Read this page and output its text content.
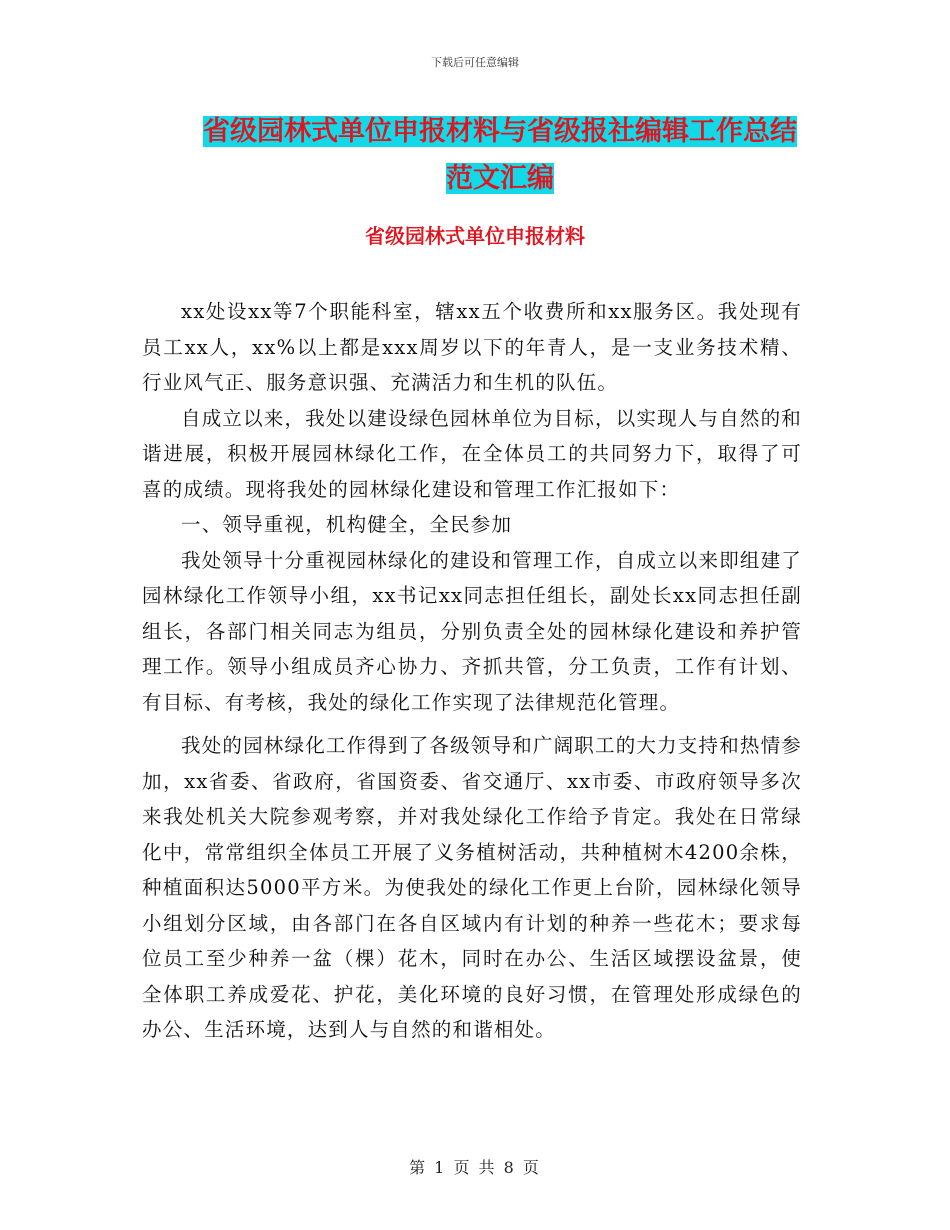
下载后可任意编辑
省级园林式单位申报材料与省级报社编辑工作总结范文汇编
省级园林式单位申报材料

xx处设xx等7个职能科室，辖xx五个收费所和xx服务区。我处现有员工xx人，xx%以上都是xxx周岁以下的年青人，是一支业务技术精、行业风气正、服务意识强、充满活力和生机的队伍。

自成立以来，我处以建设绿色园林单位为目标，以实现人与自然的和谐进展，积极开展园林绿化工作，在全体员工的共同努力下，取得了可喜的成绩。现将我处的园林绿化建设和管理工作汇报如下：

一、领导重视，机构健全，全民参加

我处领导十分重视园林绿化的建设和管理工作，自成立以来即组建了园林绿化工作领导小组，xx书记xx同志担任组长，副处长xx同志担任副组长，各部门相关同志为组员，分别负责全处的园林绿化建设和养护管理工作。领导小组成员齐心协力、齐抓共管，分工负责，工作有计划、有目标、有考核，我处的绿化工作实现了法律规范化管理。

我处的园林绿化工作得到了各级领导和广阔职工的大力支持和热情参加，xx省委、省政府，省国资委、省交通厅、xx市委、市政府领导多次来我处机关大院参观考察，并对我处绿化工作给予肯定。我处在日常绿化中，常常组织全体员工开展了义务植树活动，共种植树木4200余株，种植面积达5000平方米。为使我处的绿化工作更上台阶，园林绿化领导小组划分区域，由各部门在各自区域内有计划的种养一些花木；要求每位员工至少种养一盆（棵）花木，同时在办公、生活区域摆设盆景，使全体职工养成爱花、护花，美化环境的良好习惯，在管理处形成绿色的办公、生活环境，达到人与自然的和谐相处。

第 1 页 共 8 页
